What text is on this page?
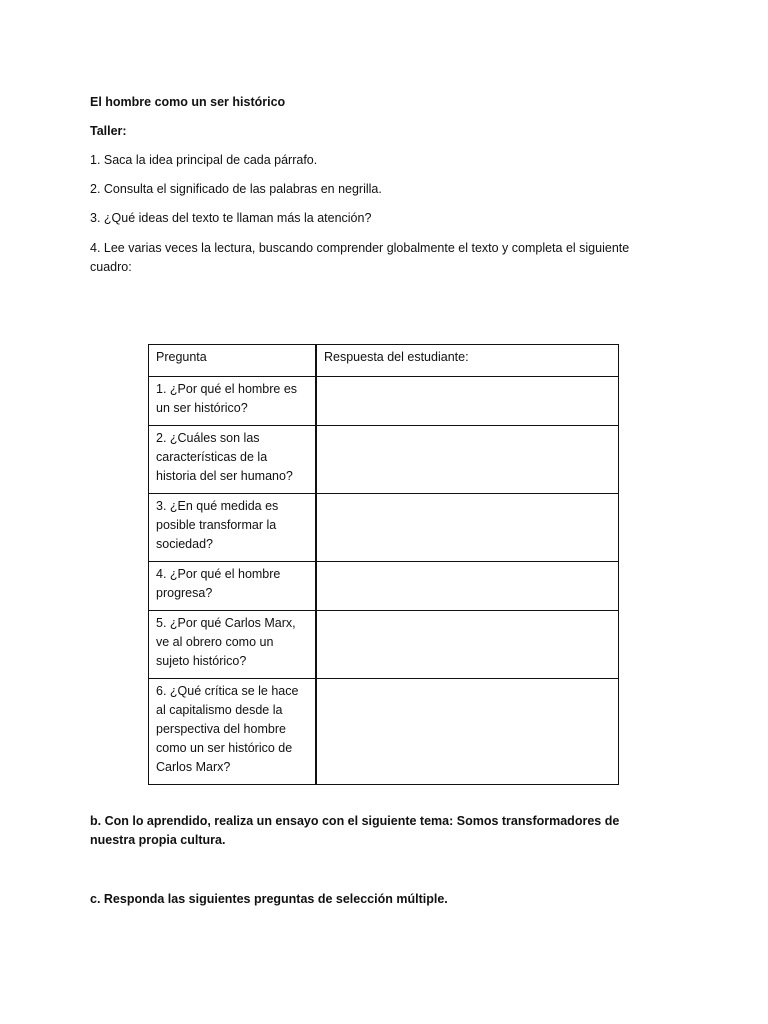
El hombre como un ser histórico

Taller:

1. Saca la idea principal de cada párrafo.

2. Consulta el significado de las palabras en negrilla.

3. ¿Qué ideas del texto te llaman más la atención?

4. Lee varias veces la lectura, buscando comprender globalmente el texto y completa el siguiente cuadro:

Pregunta	Respuesta del estudiante:
1. ¿Por qué el hombre es un ser histórico?	
2. ¿Cuáles son las características de la historia del ser humano?	
3. ¿En qué medida es posible transformar la sociedad?	
4. ¿Por qué el hombre progresa?	
5. ¿Por qué Carlos Marx, ve al obrero como un sujeto histórico?	
6. ¿Qué crítica se le hace al capitalismo desde la perspectiva del hombre como un ser histórico de Carlos Marx?	

b. Con lo aprendido, realiza un ensayo con el siguiente tema: Somos transformadores de nuestra propia cultura.

c. Responda las siguientes preguntas de selección múltiple.
